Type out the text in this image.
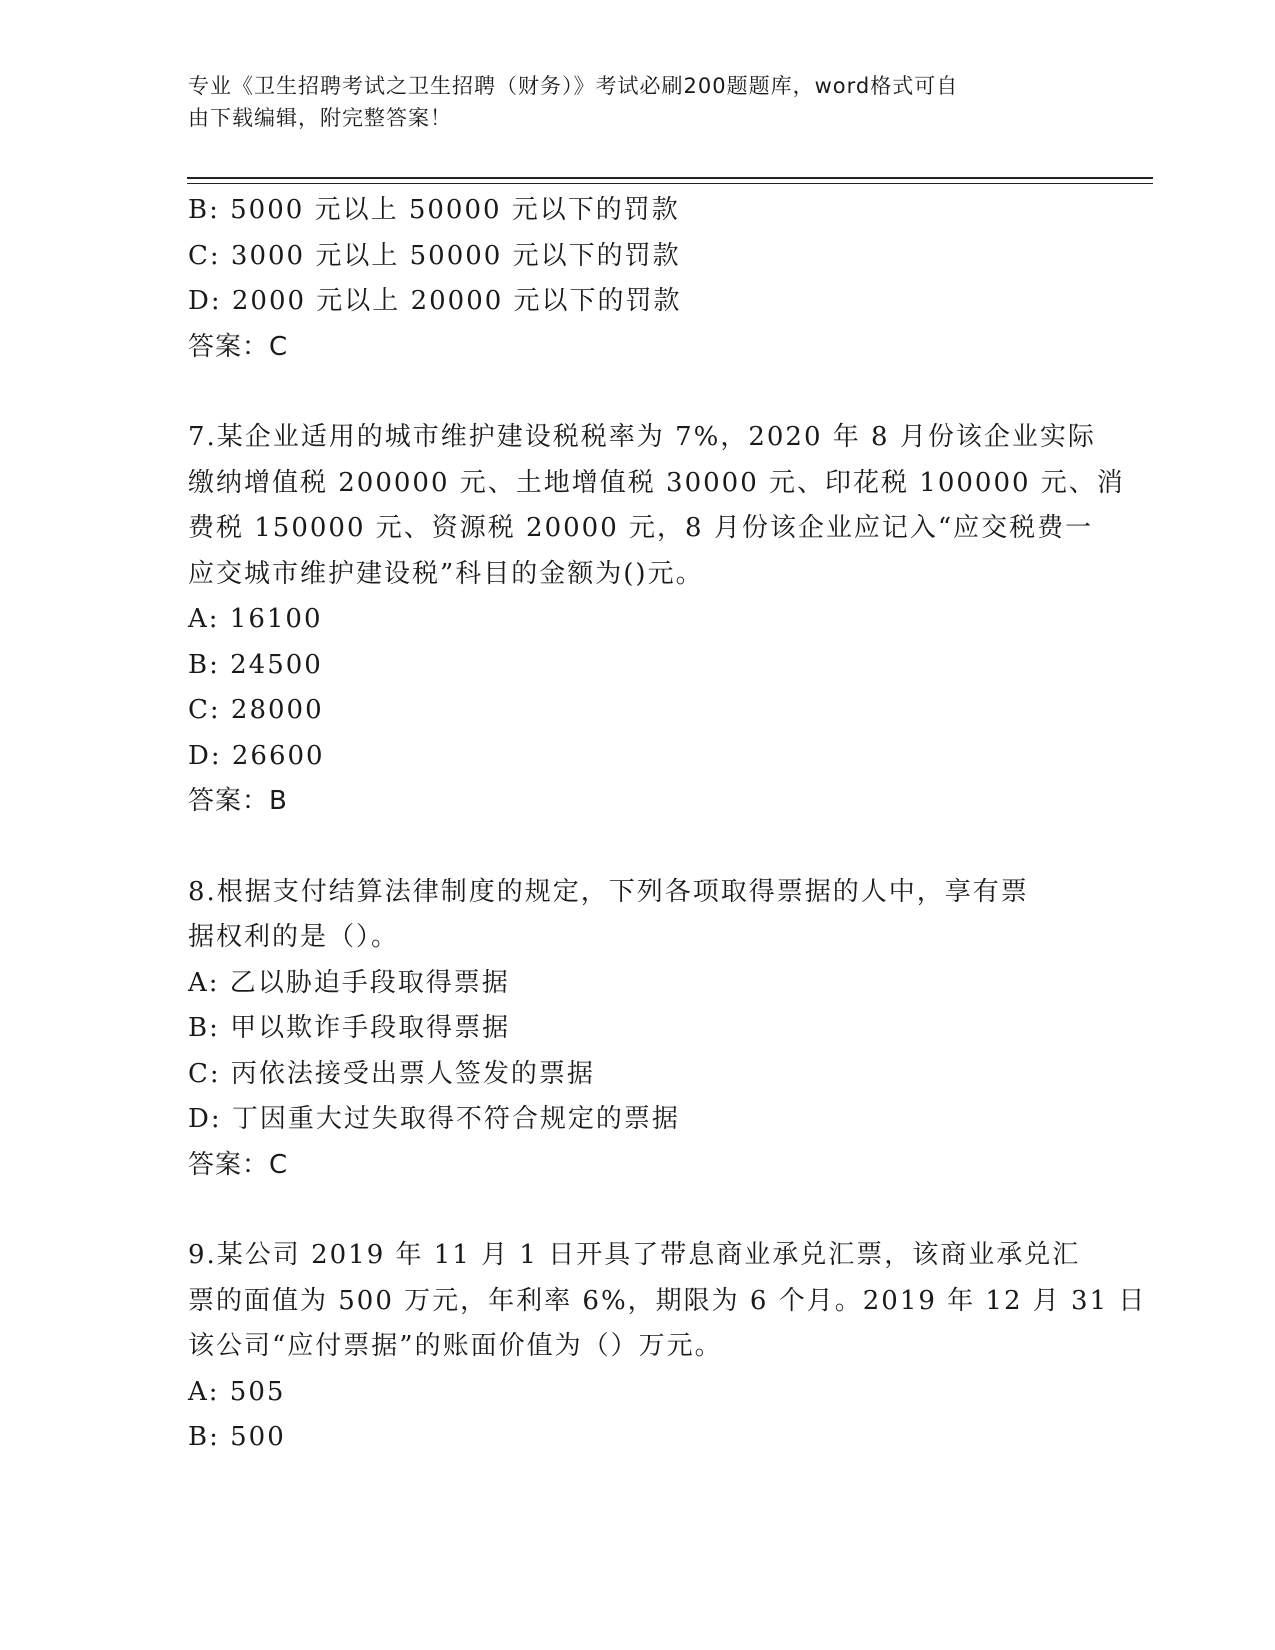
专业《卫生招聘考试之卫生招聘（财务）》考试必刷200题题库，word格式可自
由下载编辑，附完整答案！
B: 5000 元以上 50000 元以下的罚款
C: 3000 元以上 50000 元以下的罚款
D: 2000 元以上 20000 元以下的罚款
答案：C
7.某企业适用的城市维护建设税税率为 7%，2020 年 8 月份该企业实际
缴纳增值税 200000 元、土地增值税 30000 元、印花税 100000 元、消
费税 150000 元、资源税 20000 元，8 月份该企业应记入“应交税费一
应交城市维护建设税”科目的金额为()元。
A: 16100
B: 24500
C: 28000
D: 26600
答案：B
8.根据支付结算法律制度的规定，下列各项取得票据的人中，享有票
据权利的是（）。
A: 乙以胁迫手段取得票据
B: 甲以欺诈手段取得票据
C: 丙依法接受出票人签发的票据
D: 丁因重大过失取得不符合规定的票据
答案：C
9.某公司 2019 年 11 月 1 日开具了带息商业承兑汇票，该商业承兑汇
票的面值为 500 万元，年利率 6%，期限为 6 个月。2019 年 12 月 31 日
该公司“应付票据”的账面价值为（）万元。
A: 505
B: 500
